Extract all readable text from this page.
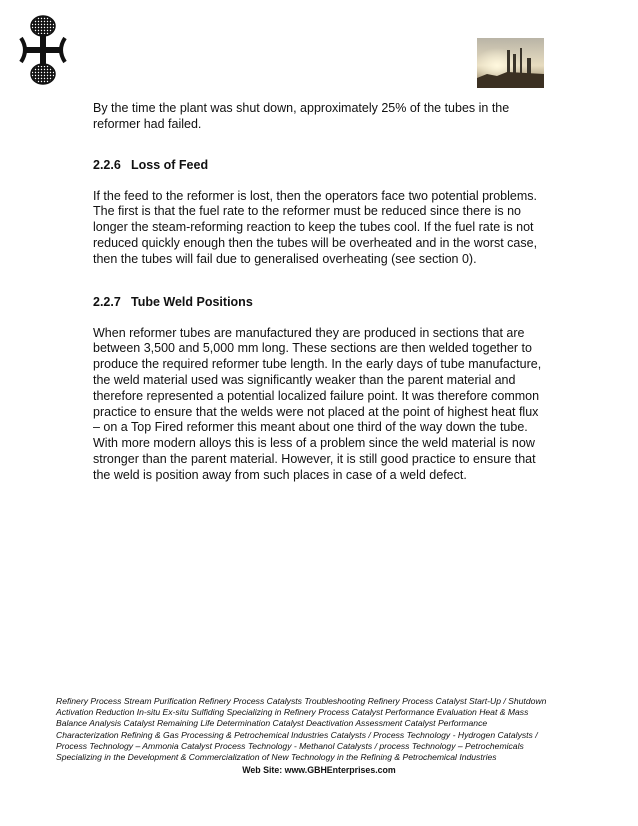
By the time the plant was shut down, approximately 25% of the tubes in the reformer had failed.

2.2.6 Loss of Feed

If the feed to the reformer is lost, then the operators face two potential problems. The first is that the fuel rate to the reformer must be reduced since there is no longer the steam-reforming reaction to keep the tubes cool. If the fuel rate is not reduced quickly enough then the tubes will be overheated and in the worst case, then the tubes will fail due to generalised overheating (see section 0).

2.2.7 Tube Weld Positions

When reformer tubes are manufactured they are produced in sections that are between 3,500 and 5,000 mm long. These sections are then welded together to produce the required reformer tube length. In the early days of tube manufacture, the weld material used was significantly weaker than the parent material and therefore represented a potential localized failure point. It was therefore common practice to ensure that the welds were not placed at the point of highest heat flux – on a Top Fired reformer this meant about one third of the way down the tube. With more modern alloys this is less of a problem since the weld material is now stronger than the parent material. However, it is still good practice to ensure that the weld is position away from such places in case of a weld defect.

Refinery Process Stream Purification Refinery Process Catalysts Troubleshooting Refinery Process Catalyst Start-Up / Shutdown

Activation Reduction In-situ Ex-situ Sulfiding Specializing in Refinery Process Catalyst Performance Evaluation Heat & Mass

Balance Analysis Catalyst Remaining Life Determination Catalyst Deactivation Assessment Catalyst Performance

Characterization Refining & Gas Processing & Petrochemical Industries Catalysts / Process Technology - Hydrogen Catalysts /

Process Technology – Ammonia Catalyst Process Technology - Methanol Catalysts / process Technology – Petrochemicals

Specializing in the Development & Commercialization of New Technology in the Refining & Petrochemical Industries

Web Site: www.GBHEnterprises.com
